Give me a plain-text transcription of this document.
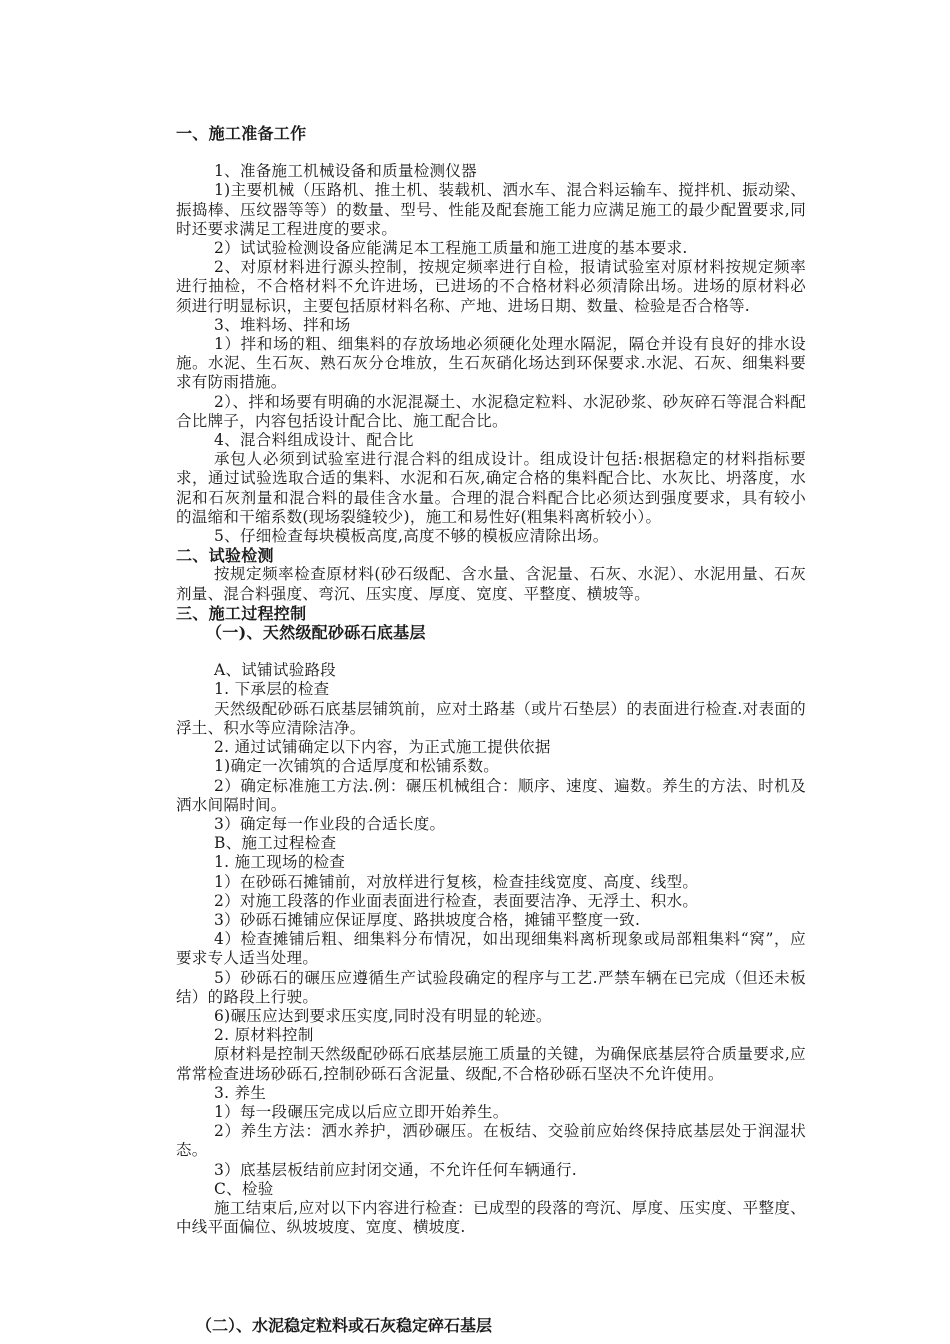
一、施工准备工作
1、准备施工机械设备和质量检测仪器
1)主要机械（压路机、推土机、装载机、洒水车、混合料运输车、搅拌机、振动梁、振捣棒、压纹器等等）的数量、型号、性能及配套施工能力应满足施工的最少配置要求,同时还要求满足工程进度的要求。
2）试试验检测设备应能满足本工程施工质量和施工进度的基本要求.
2、对原材料进行源头控制，按规定频率进行自检，报请试验室对原材料按规定频率进行抽检，不合格材料不允许进场，已进场的不合格材料必须清除出场。进场的原材料必须进行明显标识，主要包括原材料名称、产地、进场日期、数量、检验是否合格等.
3、堆料场、拌和场
1）拌和场的粗、细集料的存放场地必须硬化处理水隔泥，隔仓并设有良好的排水设施。水泥、生石灰、熟石灰分仓堆放，生石灰硝化场达到环保要求.水泥、石灰、细集料要求有防雨措施。
2）、拌和场要有明确的水泥混凝土、水泥稳定粒料、水泥砂浆、砂灰碎石等混合料配合比牌子，内容包括设计配合比、施工配合比。
4、混合料组成设计、配合比
承包人必须到试验室进行混合料的组成设计。组成设计包括:根据稳定的材料指标要求，通过试验选取合适的集料、水泥和石灰,确定合格的集料配合比、水灰比、坍落度，水泥和石灰剂量和混合料的最佳含水量。合理的混合料配合比必须达到强度要求，具有较小的温缩和干缩系数(现场裂缝较少)，施工和易性好(粗集料离析较小）。
5、仔细检查每块模板高度,高度不够的模板应清除出场。
二、试验检测
按规定频率检查原材料(砂石级配、含水量、含泥量、石灰、水泥）、水泥用量、石灰剂量、混合料强度、弯沉、压实度、厚度、宽度、平整度、横坡等。
三、施工过程控制
（一)、天然级配砂砾石底基层
A、试铺试验路段
1. 下承层的检查
天然级配砂砾石底基层铺筑前，应对土路基（或片石垫层）的表面进行检查.对表面的浮土、积水等应清除洁净。
2. 通过试铺确定以下内容，为正式施工提供依据
1)确定一次铺筑的合适厚度和松铺系数。
2）确定标准施工方法.例：碾压机械组合：顺序、速度、遍数。养生的方法、时机及洒水间隔时间。
3）确定每一作业段的合适长度。
B、施工过程检查
1. 施工现场的检查
1）在砂砾石摊铺前，对放样进行复核，检查挂线宽度、高度、线型。
2）对施工段落的作业面表面进行检查，表面要洁净、无浮土、积水。
3）砂砾石摊铺应保证厚度、路拱坡度合格，摊铺平整度一致.
4）检查摊铺后粗、细集料分布情况，如出现细集料离析现象或局部粗集料“窝”，应要求专人适当处理。
5）砂砾石的碾压应遵循生产试验段确定的程序与工艺.严禁车辆在已完成（但还未板结）的路段上行驶。
6)碾压应达到要求压实度,同时没有明显的轮迹。
2. 原材料控制
原材料是控制天然级配砂砾石底基层施工质量的关键，为确保底基层符合质量要求,应常常检查进场砂砾石,控制砂砾石含泥量、级配,不合格砂砾石坚决不允许使用。
3. 养生
1）每一段碾压完成以后应立即开始养生。
2）养生方法：洒水养护，洒砂碾压。在板结、交验前应始终保持底基层处于润湿状态。
3）底基层板结前应封闭交通，不允许任何车辆通行.
C、检验
施工结束后,应对以下内容进行检查：已成型的段落的弯沉、厚度、压实度、平整度、中线平面偏位、纵坡坡度、宽度、横坡度.
（二）、水泥稳定粒料或石灰稳定碎石基层
